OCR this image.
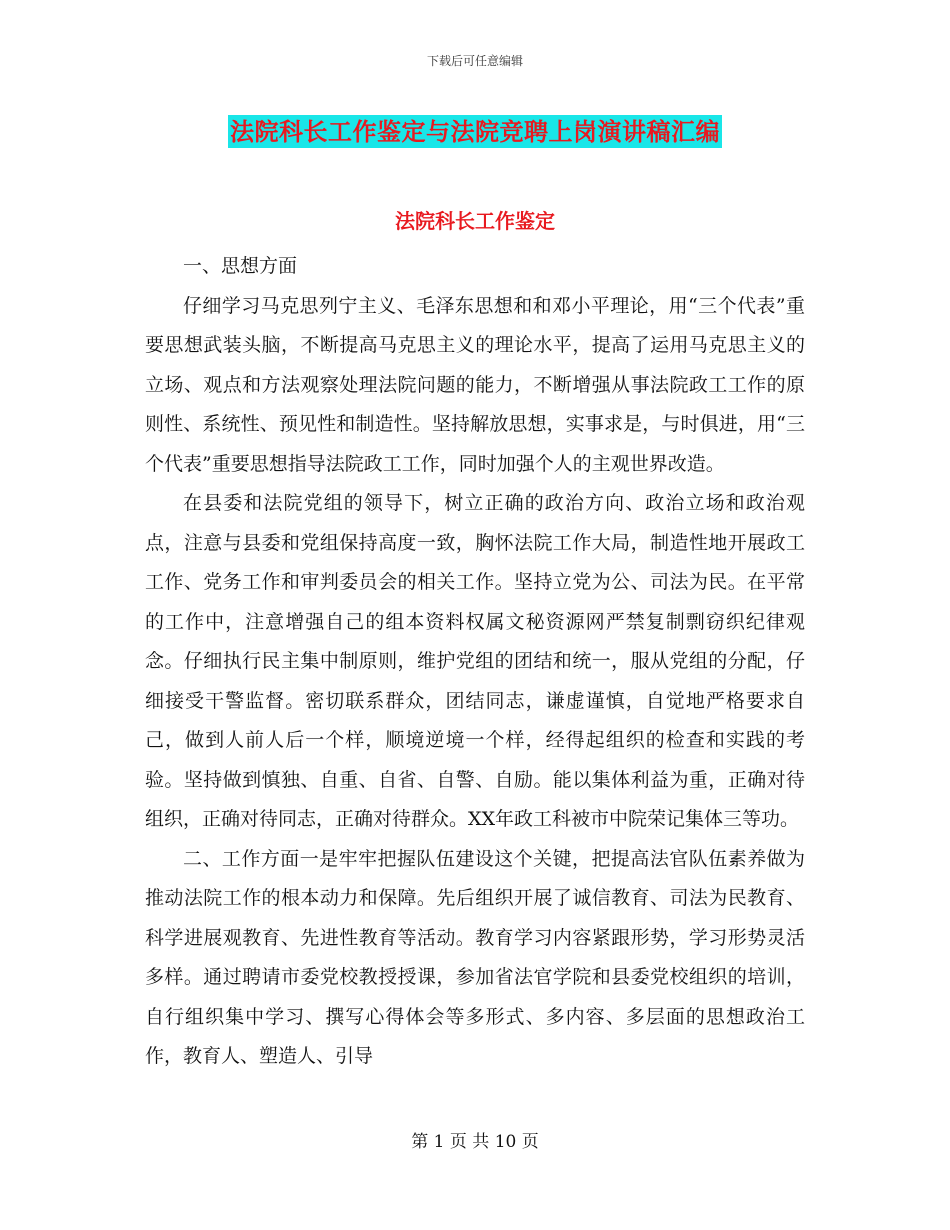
下载后可任意编辑
法院科长工作鉴定与法院竞聘上岗演讲稿汇编
法院科长工作鉴定

一、思想方面

仔细学习马克思列宁主义、毛泽东思想和和邓小平理论，用“三个代表”重要思想武装头脑，不断提高马克思主义的理论水平，提高了运用马克思主义的立场、观点和方法观察处理法院问题的能力，不断增强从事法院政工工作的原则性、系统性、预见性和制造性。坚持解放思想，实事求是，与时俱进，用“三个代表”重要思想指导法院政工工作，同时加强个人的主观世界改造。

在县委和法院党组的领导下，树立正确的政治方向、政治立场和政治观点，注意与县委和党组保持高度一致，胸怀法院工作大局，制造性地开展政工工作、党务工作和审判委员会的相关工作。坚持立党为公、司法为民。在平常的工作中，注意增强自己的组本资料权属文秘资源网严禁复制剽窃织纪律观念。仔细执行民主集中制原则，维护党组的团结和统一，服从党组的分配，仔细接受干警监督。密切联系群众，团结同志，谦虚谨慎，自觉地严格要求自己，做到人前人后一个样，顺境逆境一个样，经得起组织的检查和实践的考验。坚持做到慎独、自重、自省、自警、自励。能以集体利益为重，正确对待组织，正确对待同志，正确对待群众。XX年政工科被市中院荣记集体三等功。

二、工作方面一是牢牢把握队伍建设这个关键，把提高法官队伍素养做为推动法院工作的根本动力和保障。先后组织开展了诚信教育、司法为民教育、科学进展观教育、先进性教育等活动。教育学习内容紧跟形势，学习形势灵活多样。通过聘请市委党校教授授课，参加省法官学院和县委党校组织的培训，自行组织集中学习、撰写心得体会等多形式、多内容、多层面的思想政治工作，教育人、塑造人、引导

第 1 页 共 10 页
